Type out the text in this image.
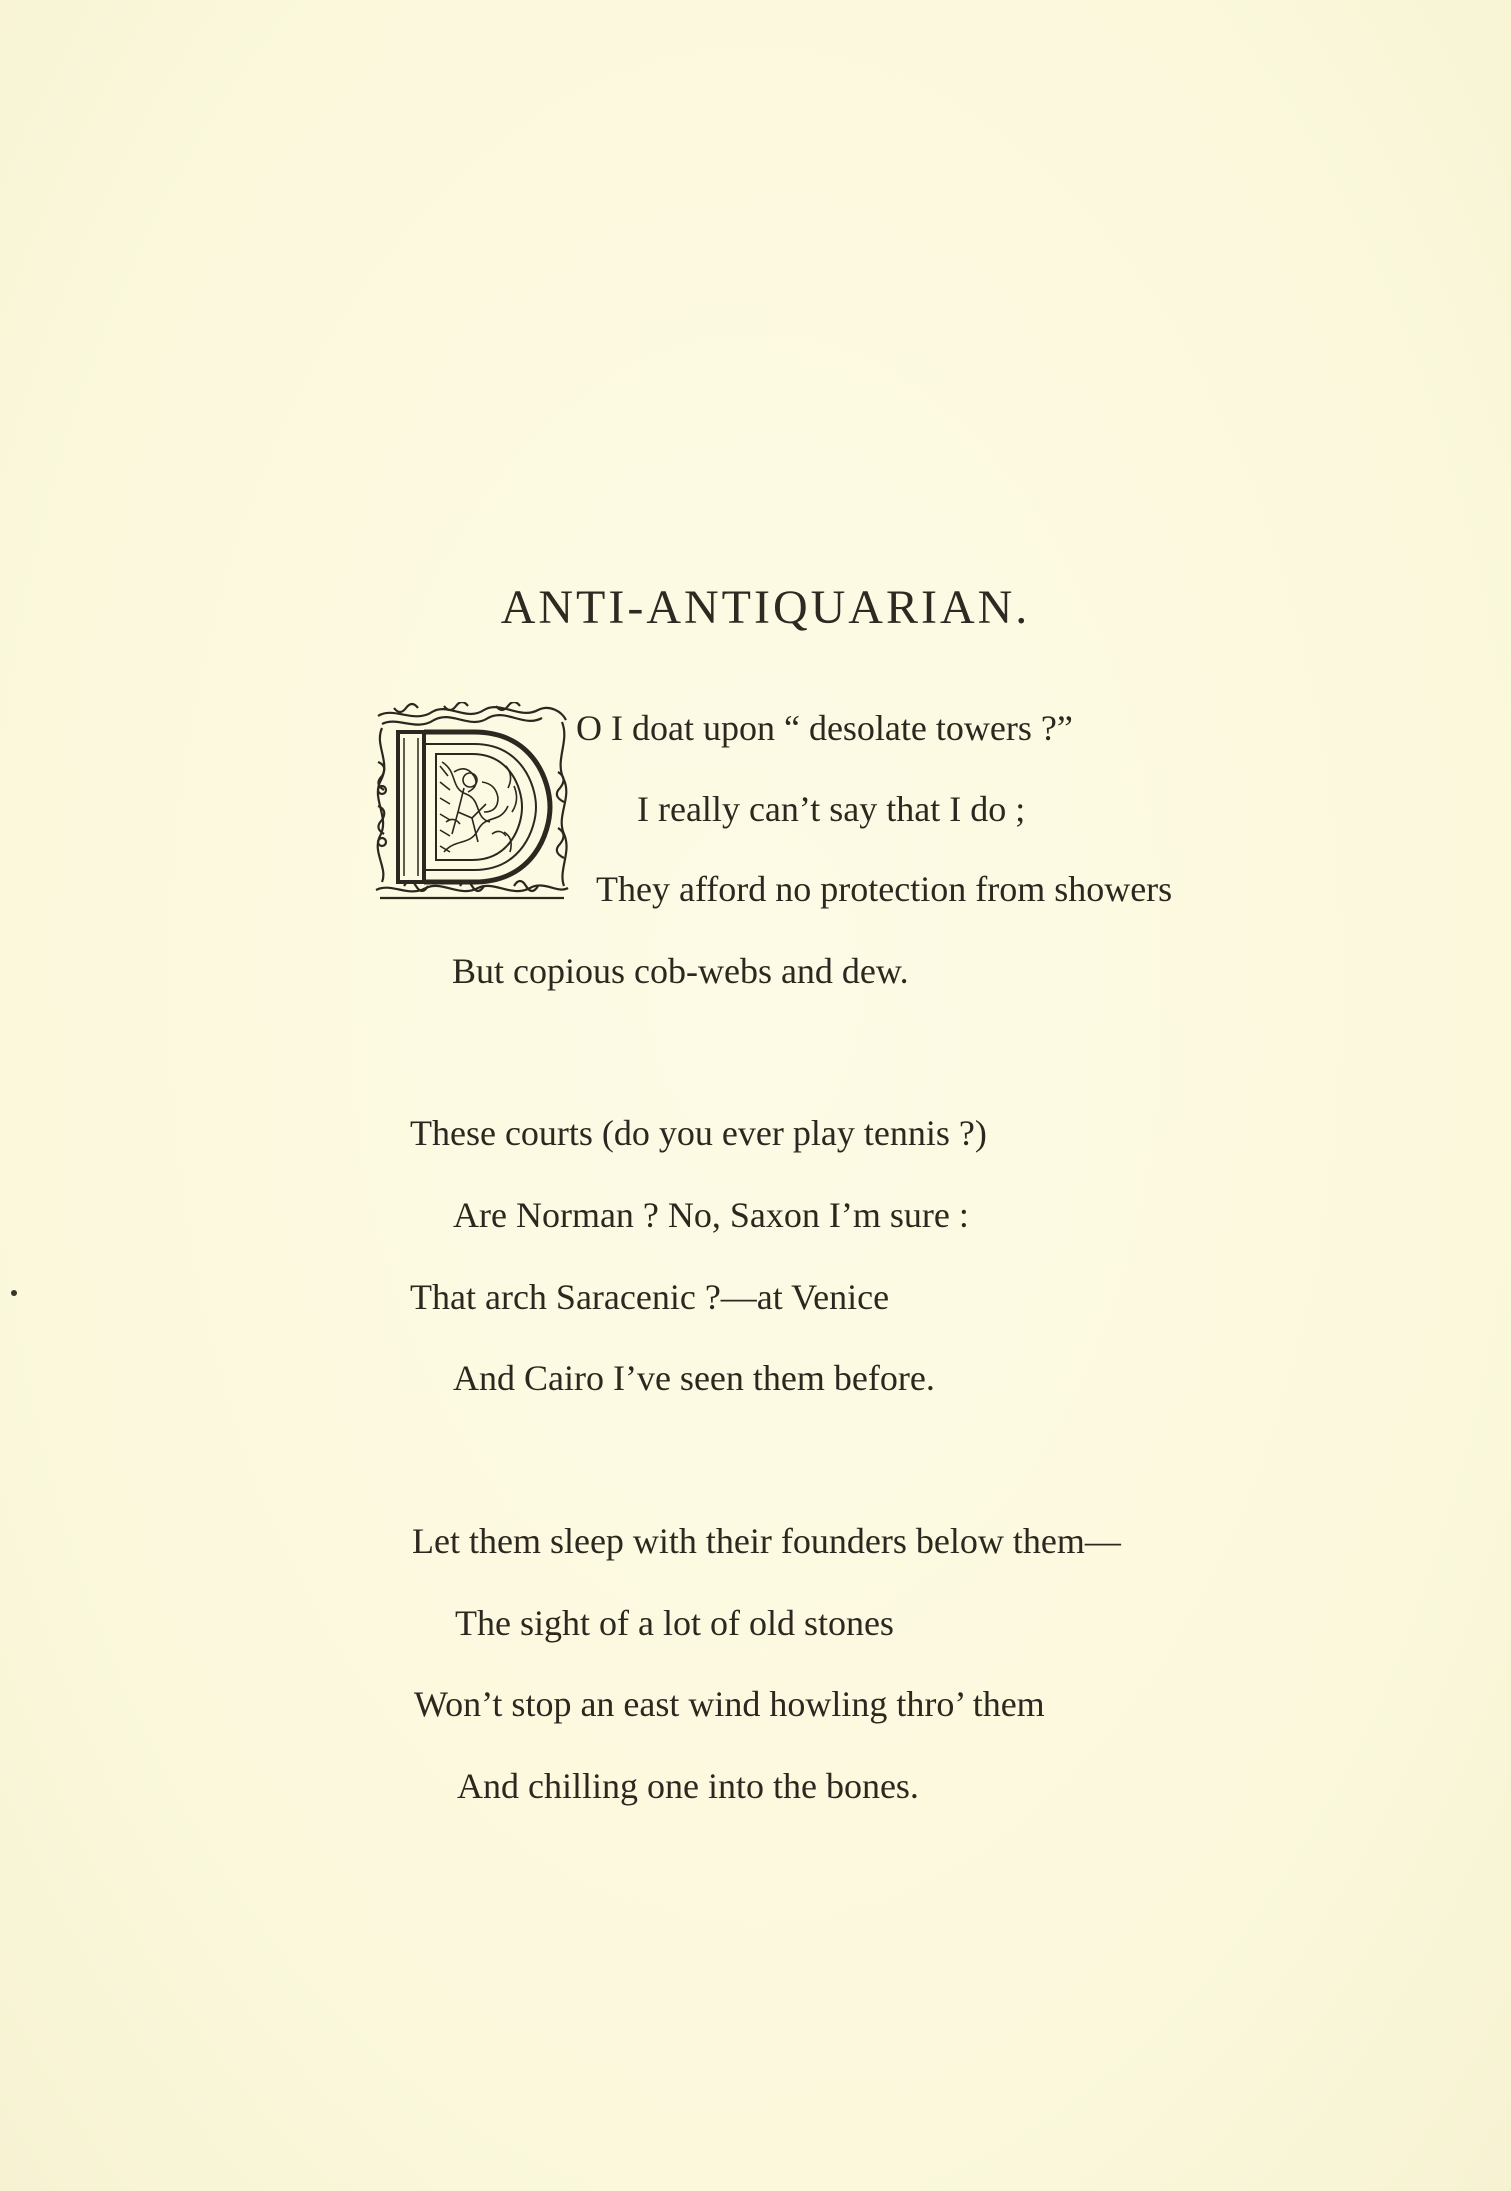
ANTI-ANTIQUARIAN.

O I doat upon “ desolate towers ?”

I really can’t say that I do ;

They afford no protection from showers

But copious cob-webs and dew.

These courts (do you ever play tennis ?)

Are Norman ? No, Saxon I’m sure :

That arch Saracenic ?—at Venice

And Cairo I’ve seen them before.

Let them sleep with their founders below them—

The sight of a lot of old stones

Won’t stop an east wind howling thro’ them

And chilling one into the bones.
